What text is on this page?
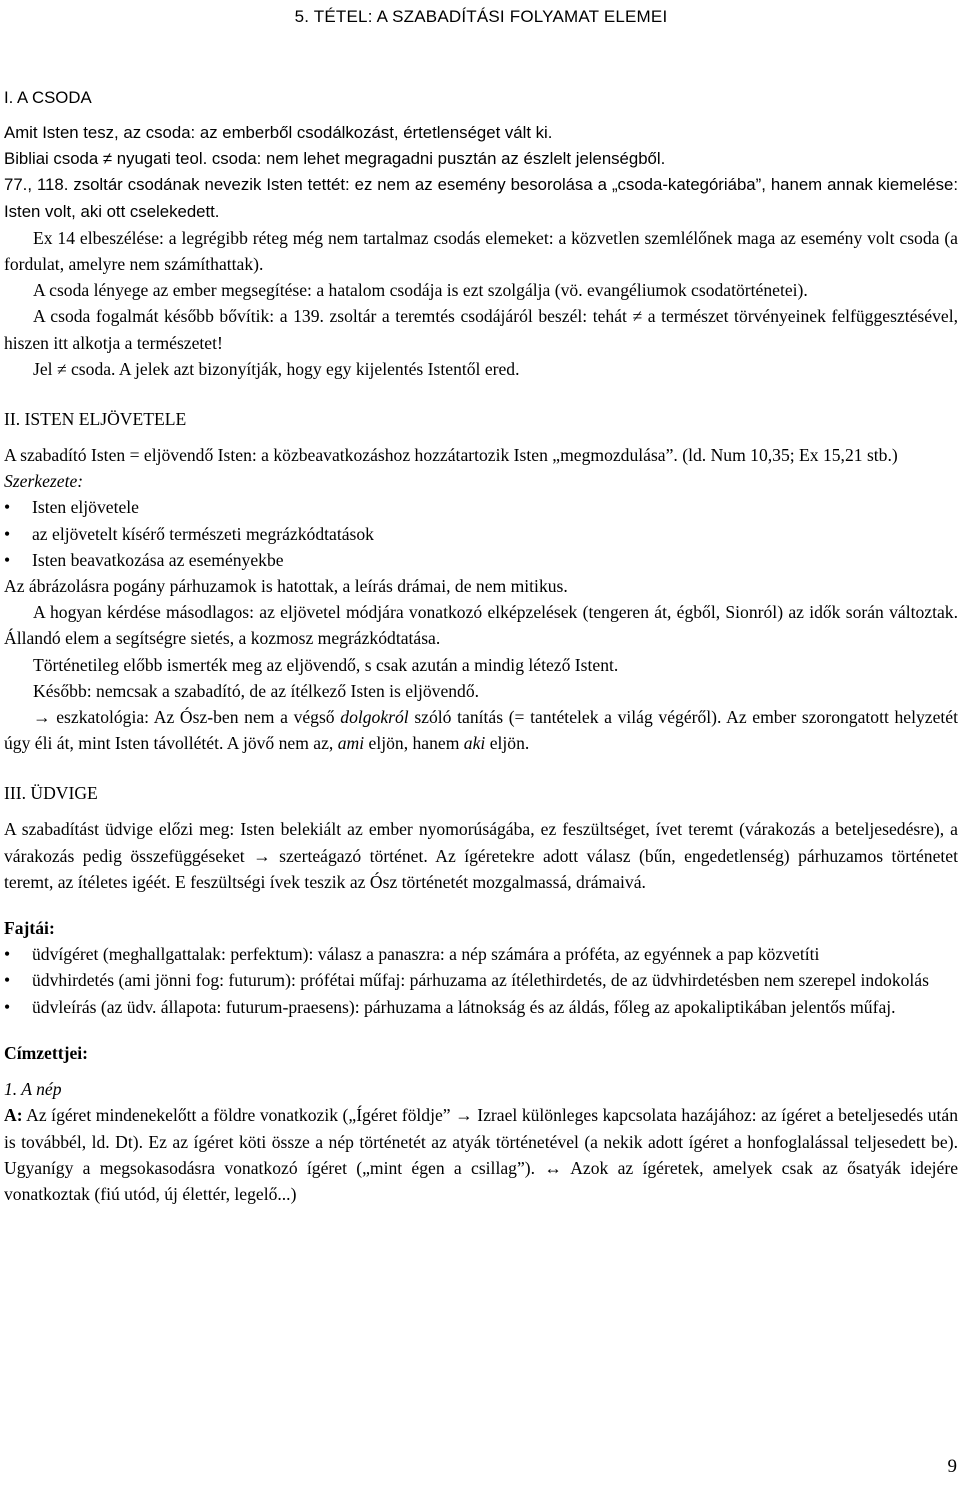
5. TÉTEL: A SZABADÍTÁSI FOLYAMAT ELEMEI
I. A CSODA

Amit Isten tesz, az csoda: az emberből csodálkozást, értetlenséget vált ki.

Bibliai csoda ≠ nyugati teol. csoda: nem lehet megragadni pusztán az észlelt jelenségből.

77., 118. zsoltár csodának nevezik Isten tettét: ez nem az esemény besorolása a „csoda-kategóriába”, hanem annak kiemelése: Isten volt, aki ott cselekedett.

Ex 14 elbeszélése: a legrégibb réteg még nem tartalmaz csodás elemeket: a közvetlen szemlélőnek maga az esemény volt csoda (a fordulat, amelyre nem számíthattak).

A csoda lényege az ember megsegítése: a hatalom csodája is ezt szolgálja (vö. evangéliumok csodatörténetei).

A csoda fogalmát később bővítik: a 139. zsoltár a teremtés csodájáról beszél: tehát ≠ a természet törvényeinek felfüggesztésével, hiszen itt alkotja a természetet!

Jel ≠ csoda. A jelek azt bizonyítják, hogy egy kijelentés Istentől ered.

II. ISTEN ELJÖVETELE

A szabadító Isten = eljövendő Isten: a közbeavatkozáshoz hozzátartozik Isten „megmozdulása”. (ld. Num 10,35; Ex 15,21 stb.)

Szerkezete:

•	Isten eljövetele
•	az eljövetelt kísérő természeti megrázkódtatások
•	Isten beavatkozása az eseményekbe

Az ábrázolásra pogány párhuzamok is hatottak, a leírás drámai, de nem mitikus.

A hogyan kérdése másodlagos: az eljövetel módjára vonatkozó elképzelések (tengeren át, égből, Sionról) az idők során változtak. Állandó elem a segítségre sietés, a kozmosz megrázkódtatása.

Történetileg előbb ismerték meg az eljövendő, s csak azután a mindig létező Istent.

Később: nemcsak a szabadító, de az ítélkező Isten is eljövendő.

→ eszkatológia: Az Ósz-ben nem a végső dolgokról szóló tanítás (= tantételek a világ végéről). Az ember szorongatott helyzetét úgy éli át, mint Isten távollétét. A jövő nem az, ami eljön, hanem aki eljön.

III. ÜDVIGE

A szabadítást üdvige előzi meg: Isten belekiált az ember nyomorúságába, ez feszültséget, ívet teremt (várakozás a beteljesedésre), a várakozás pedig összefüggéseket → szerteágazó történet. Az ígéretekre adott válasz (bűn, engedetlenség) párhuzamos történetet teremt, az ítéletes igéét. E feszültségi ívek teszik az Ósz történetét mozgalmassá, drámaivá.

Fajtái:

•	üdvígéret (meghallgattalak: perfektum): válasz a panaszra: a nép számára a próféta, az egyénnek a pap közvetíti
•	üdvhirdetés (ami jönni fog: futurum): prófétai műfaj: párhuzama az ítélethirdetés, de az üdvhirdetésben nem szerepel indokolás
•	üdvleírás (az üdv. állapota: futurum-praesens): párhuzama a látnokság és az áldás, főleg az apokaliptikában jelentős műfaj.

Címzettjei:

1. A nép

A: Az ígéret mindenekelőtt a földre vonatkozik („Ígéret földje” → Izrael különleges kapcsolata hazájához: az ígéret a beteljesedés után is továbbél, ld. Dt). Ez az ígéret köti össze a nép történetét az atyák történetével (a nekik adott ígéret a honfoglalással teljesedett be). Ugyanígy a megsokasodásra vonatkozó ígéret („mint égen a csillag”). ↔ Azok az ígéretek, amelyek csak az ősatyák idejére vonatkoztak (fiú utód, új élettér, legelő...)

9
